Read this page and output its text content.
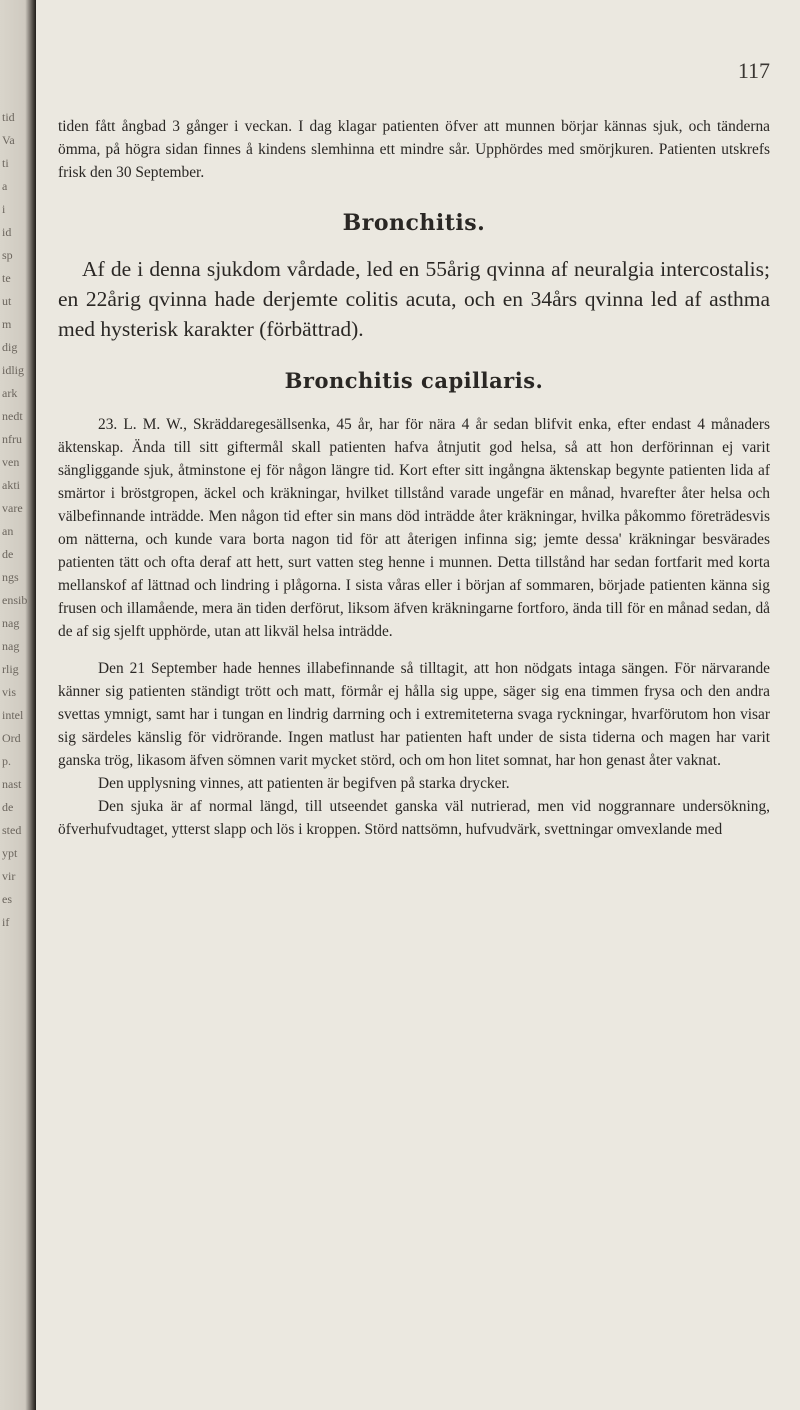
tid
Va
ti
a
i
id
sp
te
ut
m
dig
idlig
ark
nedt
nfru
ven
akti
vare
an
de
ngs
ensib
nag
nag
rlig
vis
intel
Ord
p.
nast
de
sted
ypt
vir
es
if
117

tiden fått ångbad 3 gånger i veckan. I dag klagar patienten öfver att munnen börjar kännas sjuk, och tänderna ömma, på högra sidan finnes å kindens slemhinna ett mindre sår. Upphördes med smörjkuren. Patienten utskrefs frisk den 30 September.

Bronchitis.

Af de i denna sjukdom vårdade, led en 55årig qvinna af neuralgia intercostalis; en 22årig qvinna hade derjemte colitis acuta, och en 34års qvinna led af asthma med hysterisk karakter (förbättrad).

Bronchitis capillaris.

23. L. M. W., Skräddaregesällsenka, 45 år, har för nära 4 år sedan blifvit enka, efter endast 4 månaders äktenskap. Ända till sitt giftermål skall patienten hafva åtnjutit god helsa, så att hon derförinnan ej varit sängliggande sjuk, åtminstone ej för någon längre tid. Kort efter sitt ingångna äktenskap begynte patienten lida af smärtor i bröstgropen, äckel och kräkningar, hvilket tillstånd varade ungefär en månad, hvarefter åter helsa och välbefinnande inträdde. Men någon tid efter sin mans död inträdde åter kräkningar, hvilka påkommo företrädesvis om nätterna, och kunde vara borta nagon tid för att återigen infinna sig; jemte dessa' kräkningar besvärades patienten tätt och ofta deraf att hett, surt vatten steg henne i munnen. Detta tillstånd har sedan fortfarit med korta mellanskof af lättnad och lindring i plågorna. I sista våras eller i början af sommaren, började patienten känna sig frusen och illamående, mera än tiden derförut, liksom äfven kräkningarne fortforo, ända till för en månad sedan, då de af sig sjelft upphörde, utan att likväl helsa inträdde.

Den 21 September hade hennes illabefinnande så tilltagit, att hon nödgats intaga sängen. För närvarande känner sig patienten ständigt trött och matt, förmår ej hålla sig uppe, säger sig ena timmen frysa och den andra svettas ymnigt, samt har i tungan en lindrig darrning och i extremiteterna svaga ryckningar, hvarförutom hon visar sig särdeles känslig för vidrörande. Ingen matlust har patienten haft under de sista tiderna och magen har varit ganska trög, likasom äfven sömnen varit mycket störd, och om hon litet somnat, har hon genast åter vaknat.

Den upplysning vinnes, att patienten är begifven på starka drycker.

Den sjuka är af normal längd, till utseendet ganska väl nutrierad, men vid noggrannare undersökning, öfverhufvudtaget, ytterst slapp och lös i kroppen. Störd nattsömn, hufvudvärk, svettningar omvexlande med
